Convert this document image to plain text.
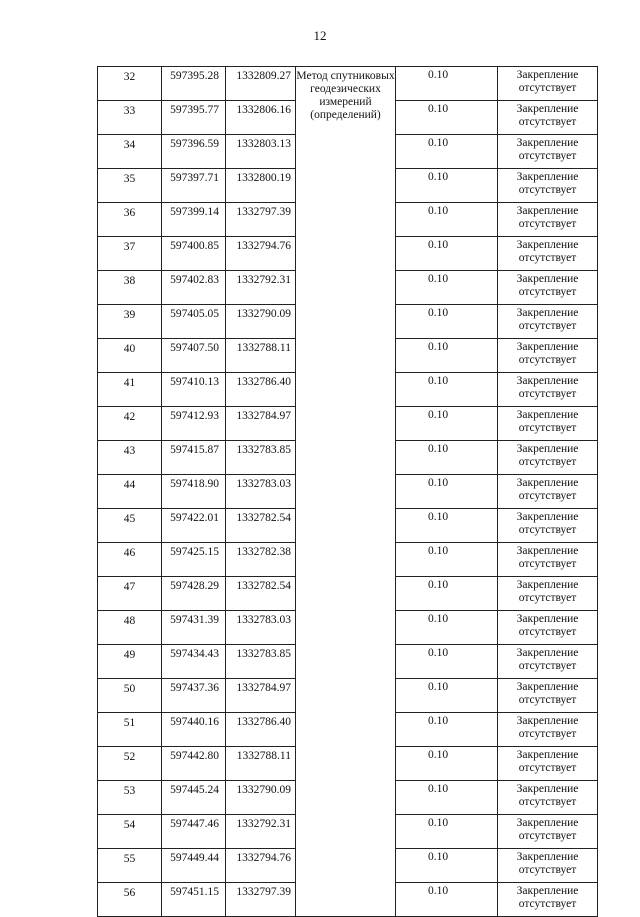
12
32	597395.28	1332809.27	Метод спутниковых геодезических измерений (определений)	0.10	Закрепление отсутствует
33	597395.77	1332806.16		0.10	Закрепление отсутствует
34	597396.59	1332803.13		0.10	Закрепление отсутствует
35	597397.71	1332800.19		0.10	Закрепление отсутствует
36	597399.14	1332797.39		0.10	Закрепление отсутствует
37	597400.85	1332794.76		0.10	Закрепление отсутствует
38	597402.83	1332792.31		0.10	Закрепление отсутствует
39	597405.05	1332790.09		0.10	Закрепление отсутствует
40	597407.50	1332788.11		0.10	Закрепление отсутствует
41	597410.13	1332786.40		0.10	Закрепление отсутствует
42	597412.93	1332784.97		0.10	Закрепление отсутствует
43	597415.87	1332783.85		0.10	Закрепление отсутствует
44	597418.90	1332783.03		0.10	Закрепление отсутствует
45	597422.01	1332782.54		0.10	Закрепление отсутствует
46	597425.15	1332782.38		0.10	Закрепление отсутствует
47	597428.29	1332782.54		0.10	Закрепление отсутствует
48	597431.39	1332783.03		0.10	Закрепление отсутствует
49	597434.43	1332783.85		0.10	Закрепление отсутствует
50	597437.36	1332784.97		0.10	Закрепление отсутствует
51	597440.16	1332786.40		0.10	Закрепление отсутствует
52	597442.80	1332788.11		0.10	Закрепление отсутствует
53	597445.24	1332790.09		0.10	Закрепление отсутствует
54	597447.46	1332792.31		0.10	Закрепление отсутствует
55	597449.44	1332794.76		0.10	Закрепление отсутствует
56	597451.15	1332797.39		0.10	Закрепление отсутствует
